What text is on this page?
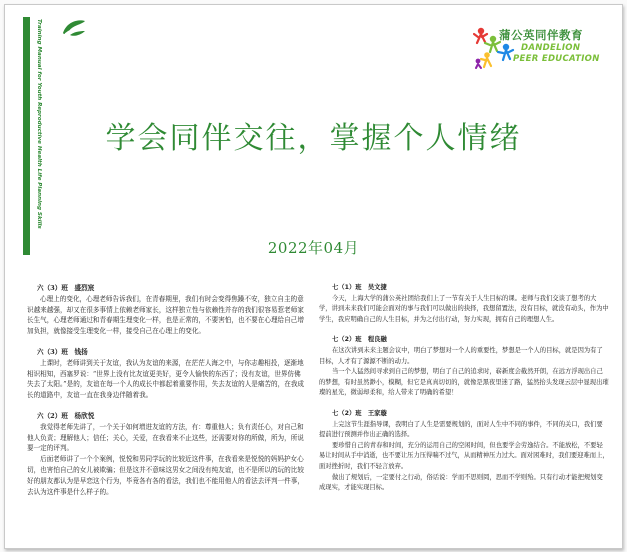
Training Manual for Youth Reproductive Health Life Planning Skills	蒲公英同伴教育
DANDELION
PEER EDUCATION
学会同伴交往，掌握个人情绪
2022年04月
六（3）班　盛烈宸

心理上的变化，心理老师告诉我们，在青春期里，我们有时会变得焦躁不安，独立自主的意识越来越强，却又在很多事情上依赖老师家长，这样独立性与依赖性并存的我们很容易惹老师家长生气，心理老师通过和青春期生理变化一样，也是正常的，不要害怕，也不要在心理给自己增加负担，就像接受生理变化一样，接受自己在心理上的变化。

六（3）班　钱扬

上课时，老师讲到关于友谊，我认为友谊的来源，在茫茫人海之中，与你志趣相投，逐渐地相识相知，西塞罗说：“世界上没有比友谊更美好，更令人愉快的东西了；没有友谊，世界仿佛失去了太阳。”是的，友谊在每一个人的成长中都起着重要作用，失去友谊的人是痛苦的，在我成长的道路中，友谊一直在我身边伴随着我。

六（2）班　杨欣悦

我觉得老师先讲了，一个关于如何增进友谊的方法，有：尊重他人；负有责任心，对自己和他人负责；理解他人；信任；关心，关爱，在我看来不止这些，还需要对你的所做，所为，所说要一定的评判。

后面老师讲了一个个案例，悦悦和男同学玩的比较近这件事，在我看来是悦悦的妈妈护女心切，也害怕自己的女儿被欺骗；但是这并不意味这男女之间没有纯友谊，也不是所以的玩的比较好的朋友都认为是早恋这个行为，毕竟各有各的看法，我们也不能用他人的看法去评判一件事，去认为这件事是什么样子的。

七（1）班　吴文捷

今天，上海大学的蒲公英社团给我们上了一节有关于人生目标的课。老师与我们交谈了想考的大学，讲到未来我们可能会面对的事与我们可以做出的抉择，我想留置法，没有目标，就没有动头，作为中学生，我应明确自己的人生目标，并为之付出行动，努力实现，拥有自己的理想人生。

七（2）班　程良融

在这次讲到未来主题会议中，明白了梦想对一个人的重要性，梦想是一个人的目标，就是因为有了目标，人才有了源源不断的动力。

当一个人猛然间寻求到自己的梦想，明白了自己的追求时，崭新度会截然开朗，在远方浮现出自己的梦想，有时虽然渺小，模糊，但它是真真切切的，就像是黑夜里迷了路，猛然抬头发现云层中显现出璀璨的星光，微弱却柔和，给人带来了明确的希望！

七（2）班　王家璇

上完这节生涯指导课，我明白了人生是需要规划的，面对人生中不同的事件，不同的关口，我们要提前进行预测并作出正确的选择。

要珍惜自己的青春和时间，充分的运用自己的空闲时间，但也要学会劳逸结合。不能放松，不要轻易让时间从手中消逝，也不要让压力压得喘不过气，从而精神压力过大。面对困难时，我们要迎难而上，面对挫折时，我们不轻言放弃。

做出了规划后，一定要付之行动，俗话说：学而不思则罔，思而不学则殆。只有行动才能把规划变成现实，才能实现目标。
